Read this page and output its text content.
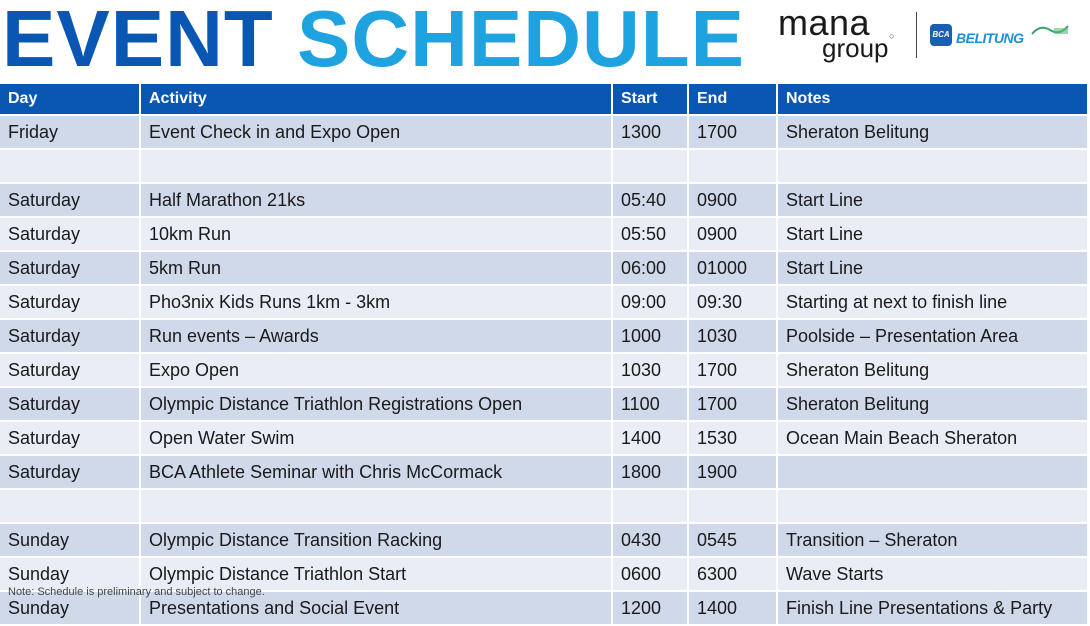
EVENT SCHEDULE mana ○
group	BCA BELITUNG
Day	Activity	Start	End	Notes
Friday	Event Check in and Expo Open	1300	1700	Sheraton Belitung

Saturday	Half Marathon 21ks	05:40	0900	Start Line
Saturday	10km Run	05:50	0900	Start Line
Saturday	5km Run	06:00	01000	Start Line
Saturday	Pho3nix Kids Runs 1km - 3km	09:00	09:30	Starting at next to finish line
Saturday	Run events – Awards	1000	1030	Poolside – Presentation Area
Saturday	Expo Open	1030	1700	Sheraton Belitung
Saturday	Olympic Distance Triathlon Registrations Open	1100	1700	Sheraton Belitung
Saturday	Open Water Swim	1400	1530	Ocean Main Beach Sheraton
Saturday	BCA Athlete Seminar with Chris McCormack	1800	1900	

Sunday	Olympic Distance Transition Racking	0430	0545	Transition – Sheraton
Sunday	Olympic Distance Triathlon Start	0600	6300	Wave Starts
Sunday	Presentations and Social Event	1200	1400	Finish Line Presentations & Party
Note: Schedule is preliminary and subject to change.
